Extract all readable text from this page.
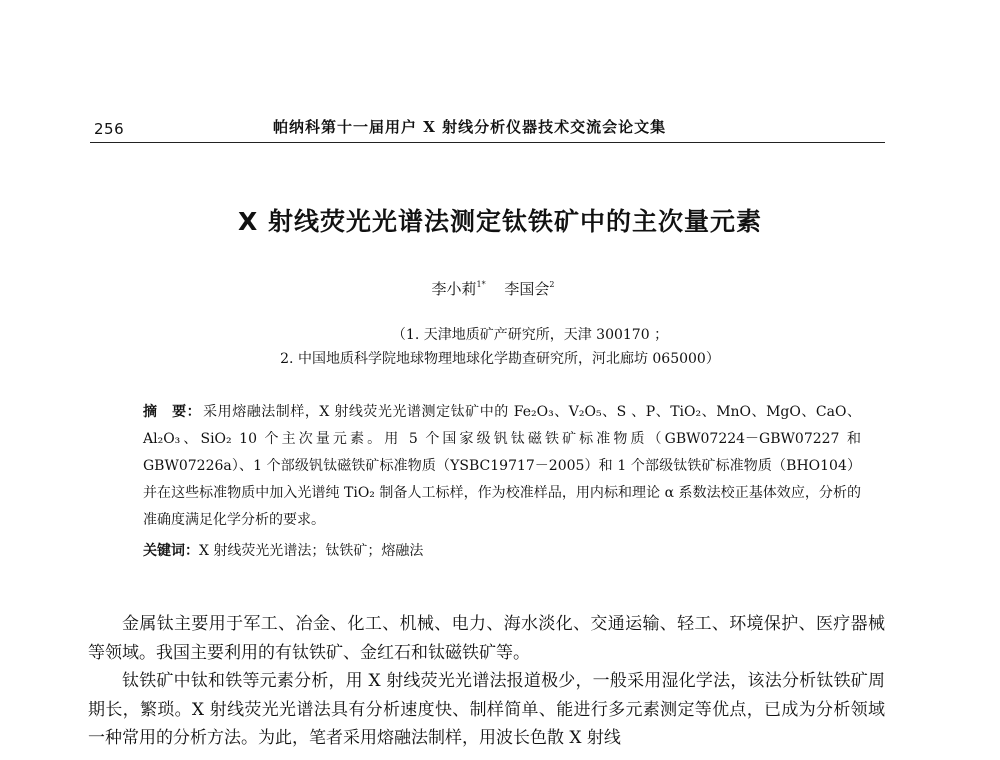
256	帕纳科第十一届用户 X 射线分析仪器技术交流会论文集
X 射线荧光光谱法测定钛铁矿中的主次量元素
李小莉$^{1*}$ 李国会$^2$
（1. 天津地质矿产研究所，天津 300170 ；
2. 中国地质科学院地球物理地球化学勘查研究所，河北廊坊 065000）

摘　要： 采用熔融法制样，X 射线荧光光谱测定钛矿中的 Fe₂O₃、V₂O₅、S 、P、TiO₂、MnO、MgO、CaO、Al₂O₃、SiO₂ 10 个主次量元素。用 5 个国家级钒钛磁铁矿标准物质（GBW07224－GBW07227 和 GBW07226a）、1 个部级钒钛磁铁矿标准物质（YSBC19717－2005）和 1 个部级钛铁矿标准物质（BHO104）并在这些标准物质中加入光谱纯 TiO₂ 制备人工标样，作为校准样品，用内标和理论 α 系数法校正基体效应，分析的准确度满足化学分析的要求。

关键词：X 射线荧光光谱法；钛铁矿；熔融法

金属钛主要用于军工、冶金、化工、机械、电力、海水淡化、交通运输、轻工、环境保护、医疗器械等领域。我国主要利用的有钛铁矿、金红石和钛磁铁矿等。

钛铁矿中钛和铁等元素分析，用 X 射线荧光光谱法报道极少，一般采用湿化学法，该法分析钛铁矿周期长，繁琐。X 射线荧光光谱法具有分析速度快、制样简单、能进行多元素测定等优点，已成为分析领域一种常用的分析方法。为此，笔者采用熔融法制样，用波长色散 X 射线
